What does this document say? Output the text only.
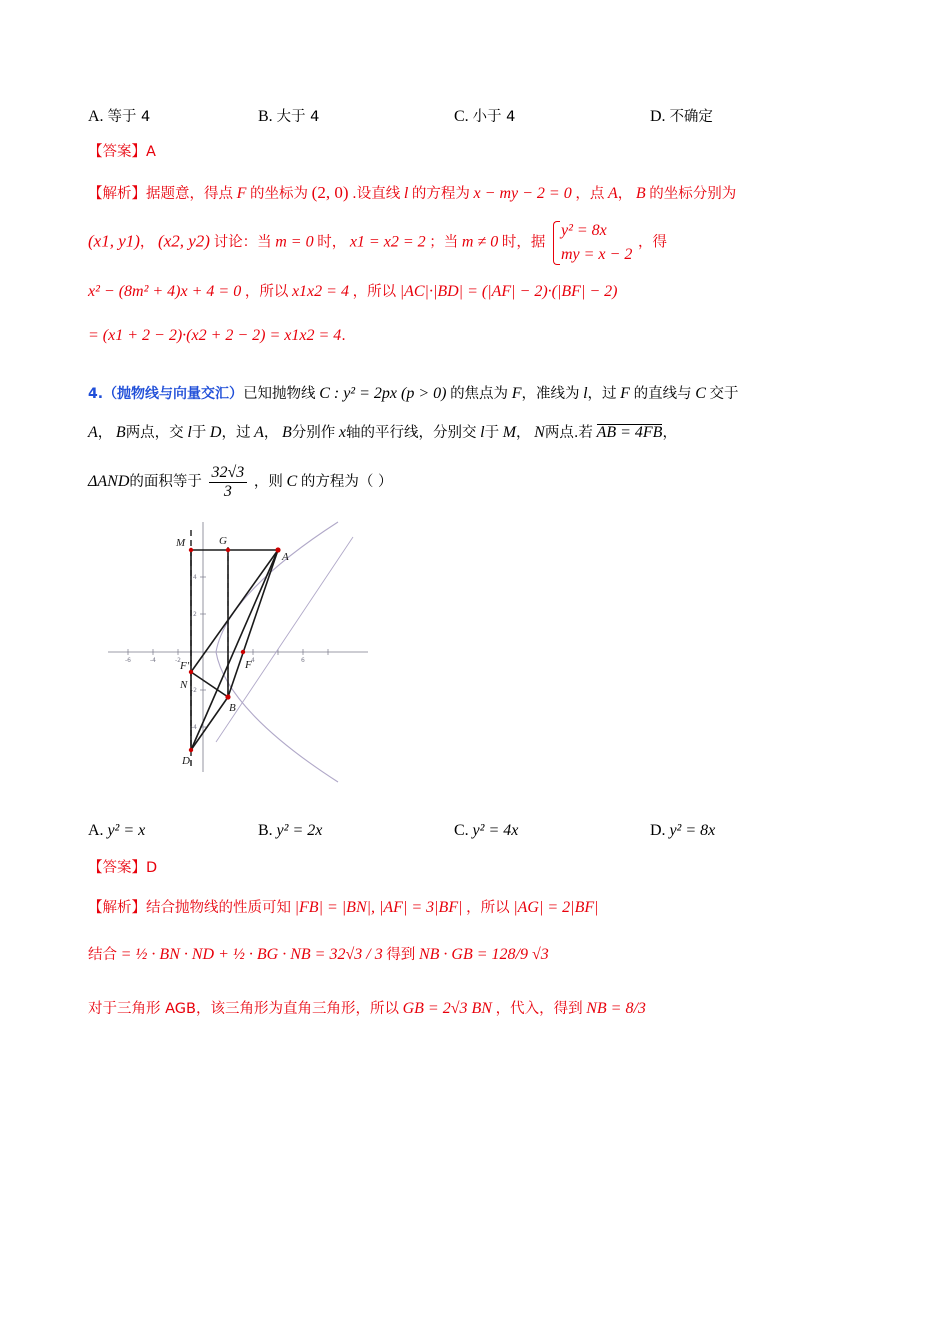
A. 等于 4	B. 大于 4	C. 小于 4	D. 不确定
【答案】A
【解析】据题意，得点 F 的坐标为 (2, 0) .设直线 l 的方程为 x − my − 2 = 0 ，点 A， B 的坐标分别为
(x1, y1)， (x2, y2) 讨论：当 m = 0 时， x1 = x2 = 2 ；当 m ≠ 0 时，据
y² = 8x
my = x − 2
，得
x² − (8m² + 4)x + 4 = 0 ，所以 x1x2 = 4 ，所以 |AC|·|BD| = (|AF| − 2)·(|BF| − 2)
= (x1 + 2 − 2)·(x2 + 2 − 2) = x1x2 = 4.
4.（抛物线与向量交汇）已知抛物线 C : y² = 2px (p > 0) 的焦点为 F，准线为 l，过 F 的直线与 C 交于
A， B两点，交 l于 D，过 A， B分别作 x轴的平行线，分别交 l于 M， N两点.若 AB = 4FB，
ΔAND的面积等于 $\frac{32√3}{3}$ ，则 C 的方程为（ ）
-6	-4	-2	4	6
4
2
-2
-4
M	G
A
F'	F
N
B
D
A. y² = x	B. y² = 2x	C. y² = 4x	D. y² = 8x
【答案】D
【解析】结合抛物线的性质可知 |FB| = |BN|, |AF| = 3|BF| ，所以 |AG| = 2|BF|
结合 = ½ · BN · ND + ½ · BG · NB = 32√3 / 3 得到 NB · GB = 128/9 √3
对于三角形 AGB，该三角形为直角三角形，所以 GB = 2√3 BN ，代入，得到 NB = 8/3
